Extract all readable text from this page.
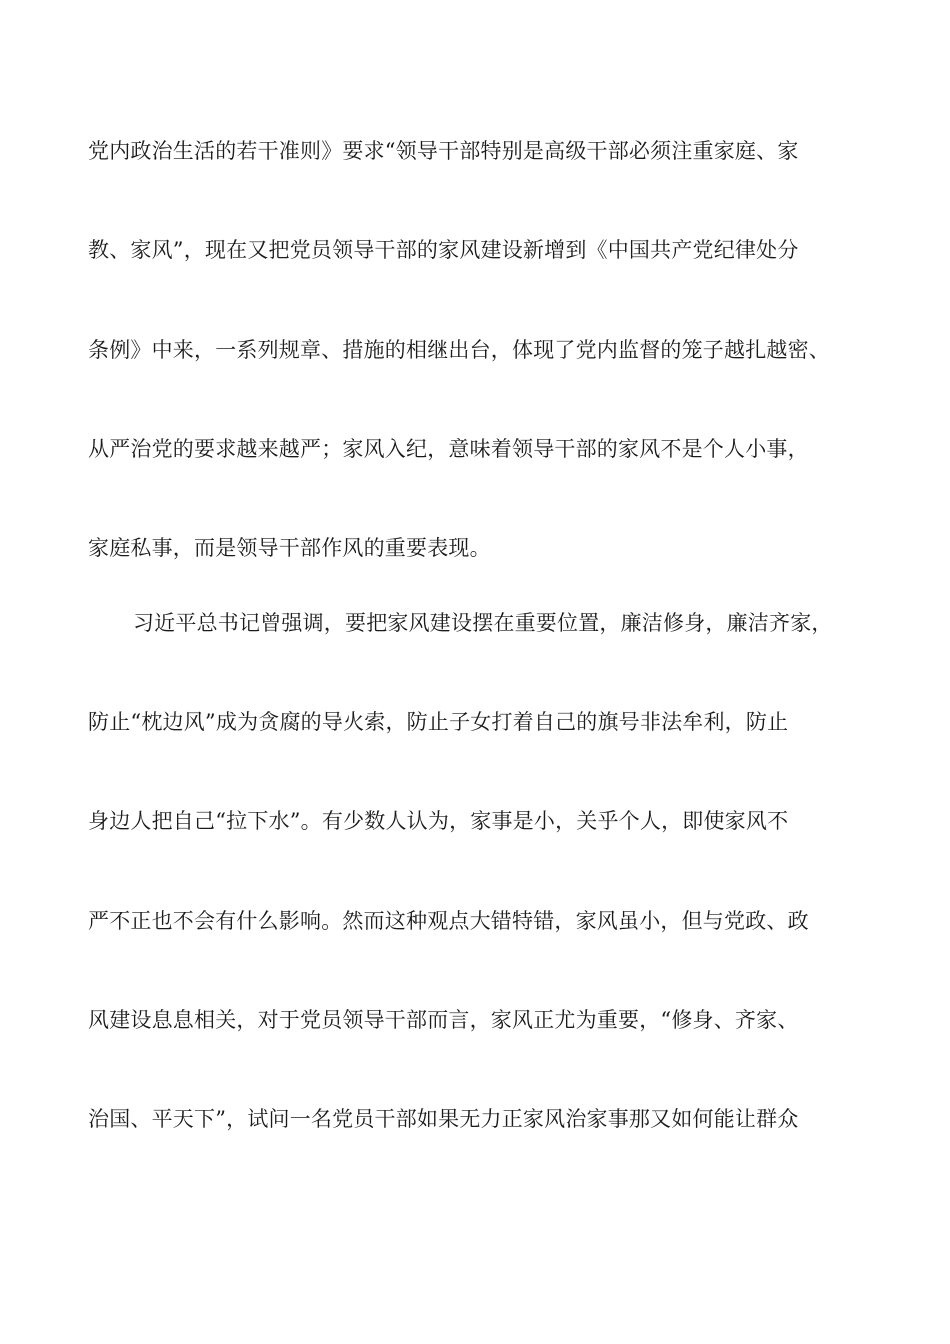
党内政治生活的若干准则》要求“领导干部特别是高级干部必须注重家庭、家
教、家风”，现在又把党员领导干部的家风建设新增到《中国共产党纪律处分
条例》中来，一系列规章、措施的相继出台，体现了党内监督的笼子越扎越密、
从严治党的要求越来越严；家风入纪，意味着领导干部的家风不是个人小事，
家庭私事，而是领导干部作风的重要表现。
习近平总书记曾强调，要把家风建设摆在重要位置，廉洁修身，廉洁齐家，
防止“枕边风”成为贪腐的导火索，防止子女打着自己的旗号非法牟利，防止
身边人把自己“拉下水”。有少数人认为，家事是小，关乎个人，即使家风不
严不正也不会有什么影响。然而这种观点大错特错，家风虽小，但与党政、政
风建设息息相关，对于党员领导干部而言，家风正尤为重要，“修身、齐家、
治国、平天下”，试问一名党员干部如果无力正家风治家事那又如何能让群众
